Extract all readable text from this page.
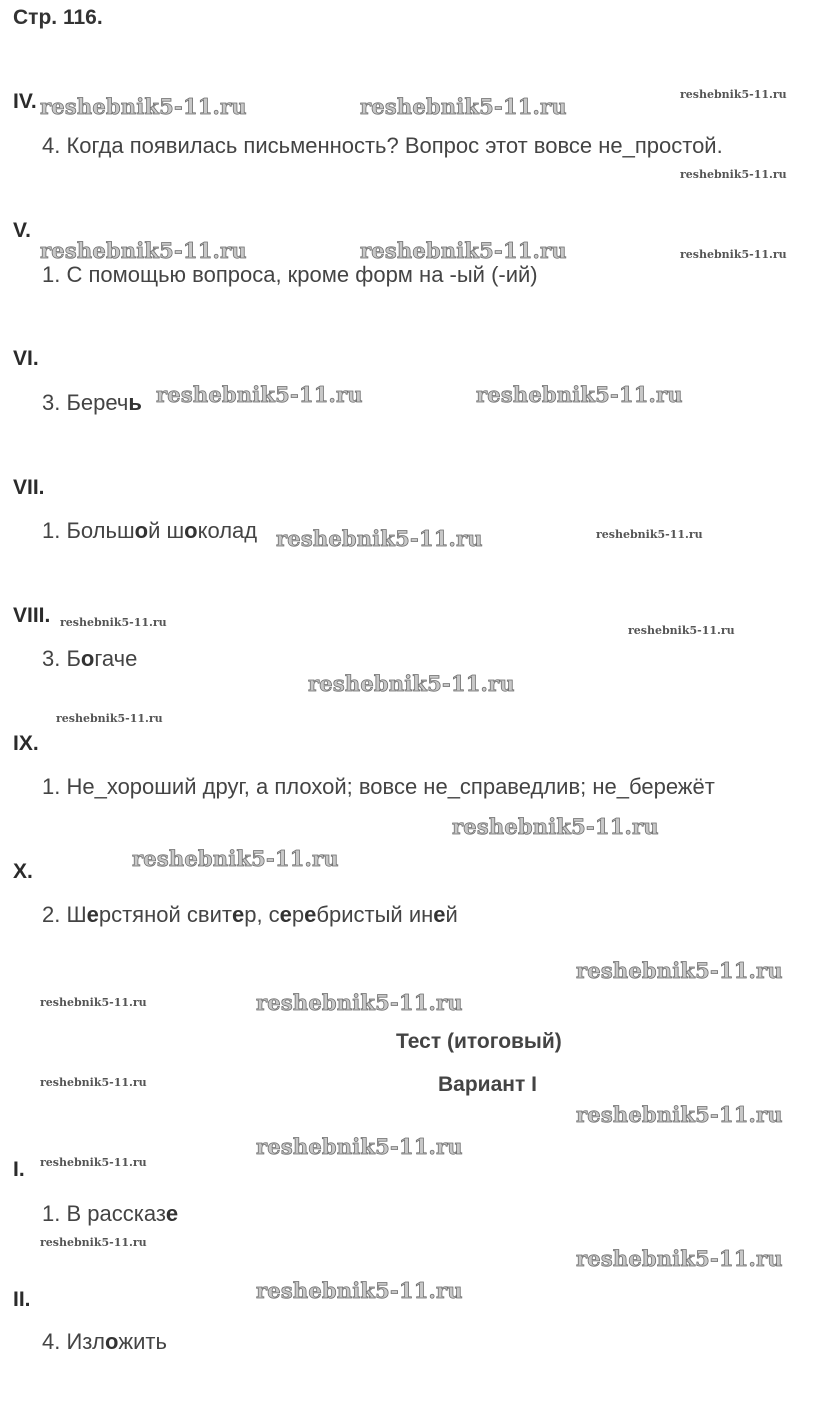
Стр. 116.
IV.
4. Когда появилась письменность? Вопрос этот вовсе не_простой.
V.
1. С помощью вопроса, кроме форм на -ый (-ий)
VI.
3. Беречь
VII.
1. Большой шоколад
VIII.
3. Богаче
IX.
1. Не_хороший друг, а плохой; вовсе не_справедлив; не_бережёт
X.
2. Шерстяной свитер, серебристый иней
Тест (итоговый)
Вариант I
I.
1. В рассказе
II.
4. Изложить
reshebnik5-11.ru	reshebnik5-11.ru
reshebnik5-11.ru	reshebnik5-11.ru
reshebnik5-11.ru	reshebnik5-11.ru
reshebnik5-11.ru
reshebnik5-11.ru
reshebnik5-11.ru
reshebnik5-11.ru
reshebnik5-11.ru
reshebnik5-11.ru
reshebnik5-11.ru
reshebnik5-11.ru
reshebnik5-11.ru
reshebnik5-11.ru
reshebnik5-11.ru
reshebnik5-11.ru
reshebnik5-11.ru
reshebnik5-11.ru
reshebnik5-11.ru
reshebnik5-11.ru
reshebnik5-11.ru
reshebnik5-11.ru
reshebnik5-11.ru
reshebnik5-11.ru
reshebnik5-11.ru
